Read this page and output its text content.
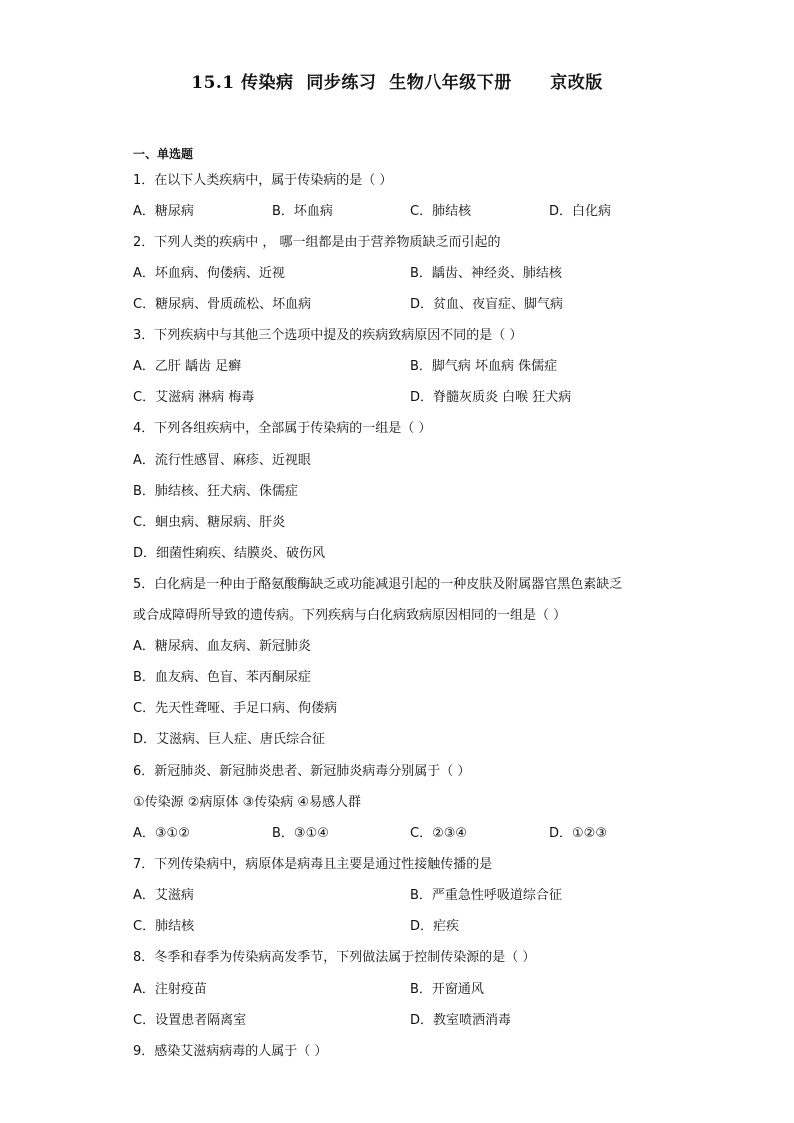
15.1 传染病  同步练习  生物八年级下册      京改版
一、单选题
1．在以下人类疾病中，属于传染病的是（ ）
A．糖尿病	B．坏血病	C．肺结核	D．白化病
2．下列人类的疾病中 ， 哪一组都是由于营养物质缺乏而引起的
A．坏血病、佝偻病、近视	B．龋齿、神经炎、肺结核
C．糖尿病、骨质疏松、坏血病	D．贫血、夜盲症、脚气病
3．下列疾病中与其他三个选项中提及的疾病致病原因不同的是（ ）
A．乙肝 龋齿 足癣	B．脚气病 坏血病 侏儒症
C．艾滋病 淋病 梅毒	D．脊髓灰质炎 白喉 狂犬病
4．下列各组疾病中，全部属于传染病的一组是（ ）
A．流行性感冒、麻疹、近视眼
B．肺结核、狂犬病、侏儒症
C．蛔虫病、糖尿病、肝炎
D．细菌性痢疾、结膜炎、破伤风
5．白化病是一种由于酪氨酸酶缺乏或功能减退引起的一种皮肤及附属器官黑色素缺乏
或合成障碍所导致的遗传病。下列疾病与白化病致病原因相同的一组是（ ）
A．糖尿病、血友病、新冠肺炎
B．血友病、色盲、苯丙酮尿症
C．先天性聋哑、手足口病、佝偻病
D．艾滋病、巨人症、唐氏综合征
6．新冠肺炎、新冠肺炎患者、新冠肺炎病毒分别属于（ ）
①传染源 ②病原体 ③传染病 ④易感人群
A．③①②	B．③①④	C．②③④	D．①②③
7．下列传染病中，病原体是病毒且主要是通过性接触传播的是
A．艾滋病	B．严重急性呼吸道综合征
C．肺结核	D．疟疾
8．冬季和春季为传染病高发季节，下列做法属于控制传染源的是（ ）
A．注射疫苗	B．开窗通风
C．设置患者隔离室	D．教室喷洒消毒
9．感染艾滋病病毒的人属于（ ）
